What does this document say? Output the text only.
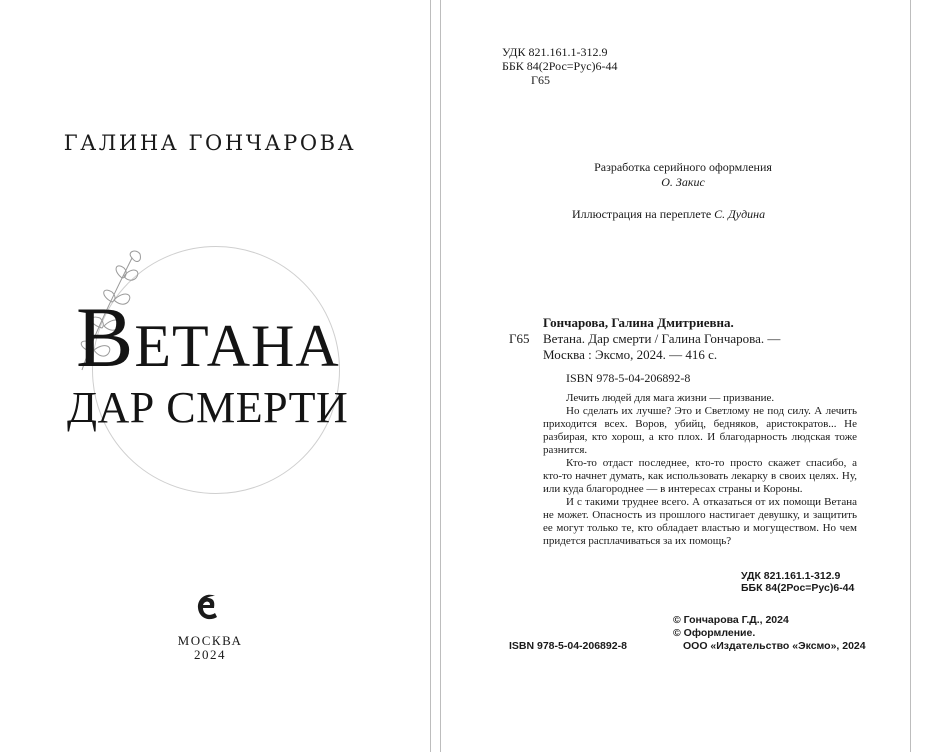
ГАЛИНА ГОНЧАРОВА
ВЕТАНА
ДАР СМЕРТИ
МОСКВА
2024
УДК 821.161.1-312.9
ББК 84(2Рос=Рус)6-44
Г65
Разработка серийного оформления
О. Закис
Иллюстрация на переплете С. Дудина
Г65
Гончарова, Галина Дмитриевна.
Ветана. Дар смерти / Галина Гончарова. —
Москва : Эксмо, 2024. — 416 с.
ISBN 978-5-04-206892-8

Лечить людей для мага жизни — призвание.

Но сделать их лучше? Это и Светлому не под силу. А лечить приходится всех. Воров, убийц, бедняков, аристократов... Не разбирая, кто хорош, а кто плох. И благодарность людская тоже разнится.

Кто-то отдаст последнее, кто-то просто скажет спасибо, а кто-то начнет думать, как использовать лекарку в своих целях. Ну, или куда благороднее — в интересах страны и Короны.

И с такими труднее всего. А отказаться от их помощи Ветана не может. Опасность из прошлого настигает девушку, и защитить ее могут только те, кто обладает властью и могуществом. Но чем придется расплачиваться за их помощь?

УДК 821.161.1-312.9
ББК 84(2Рос=Рус)6-44
© Гончарова Г.Д., 2024
© Оформление.
ООО «Издательство «Эксмо», 2024
ISBN 978-5-04-206892-8
